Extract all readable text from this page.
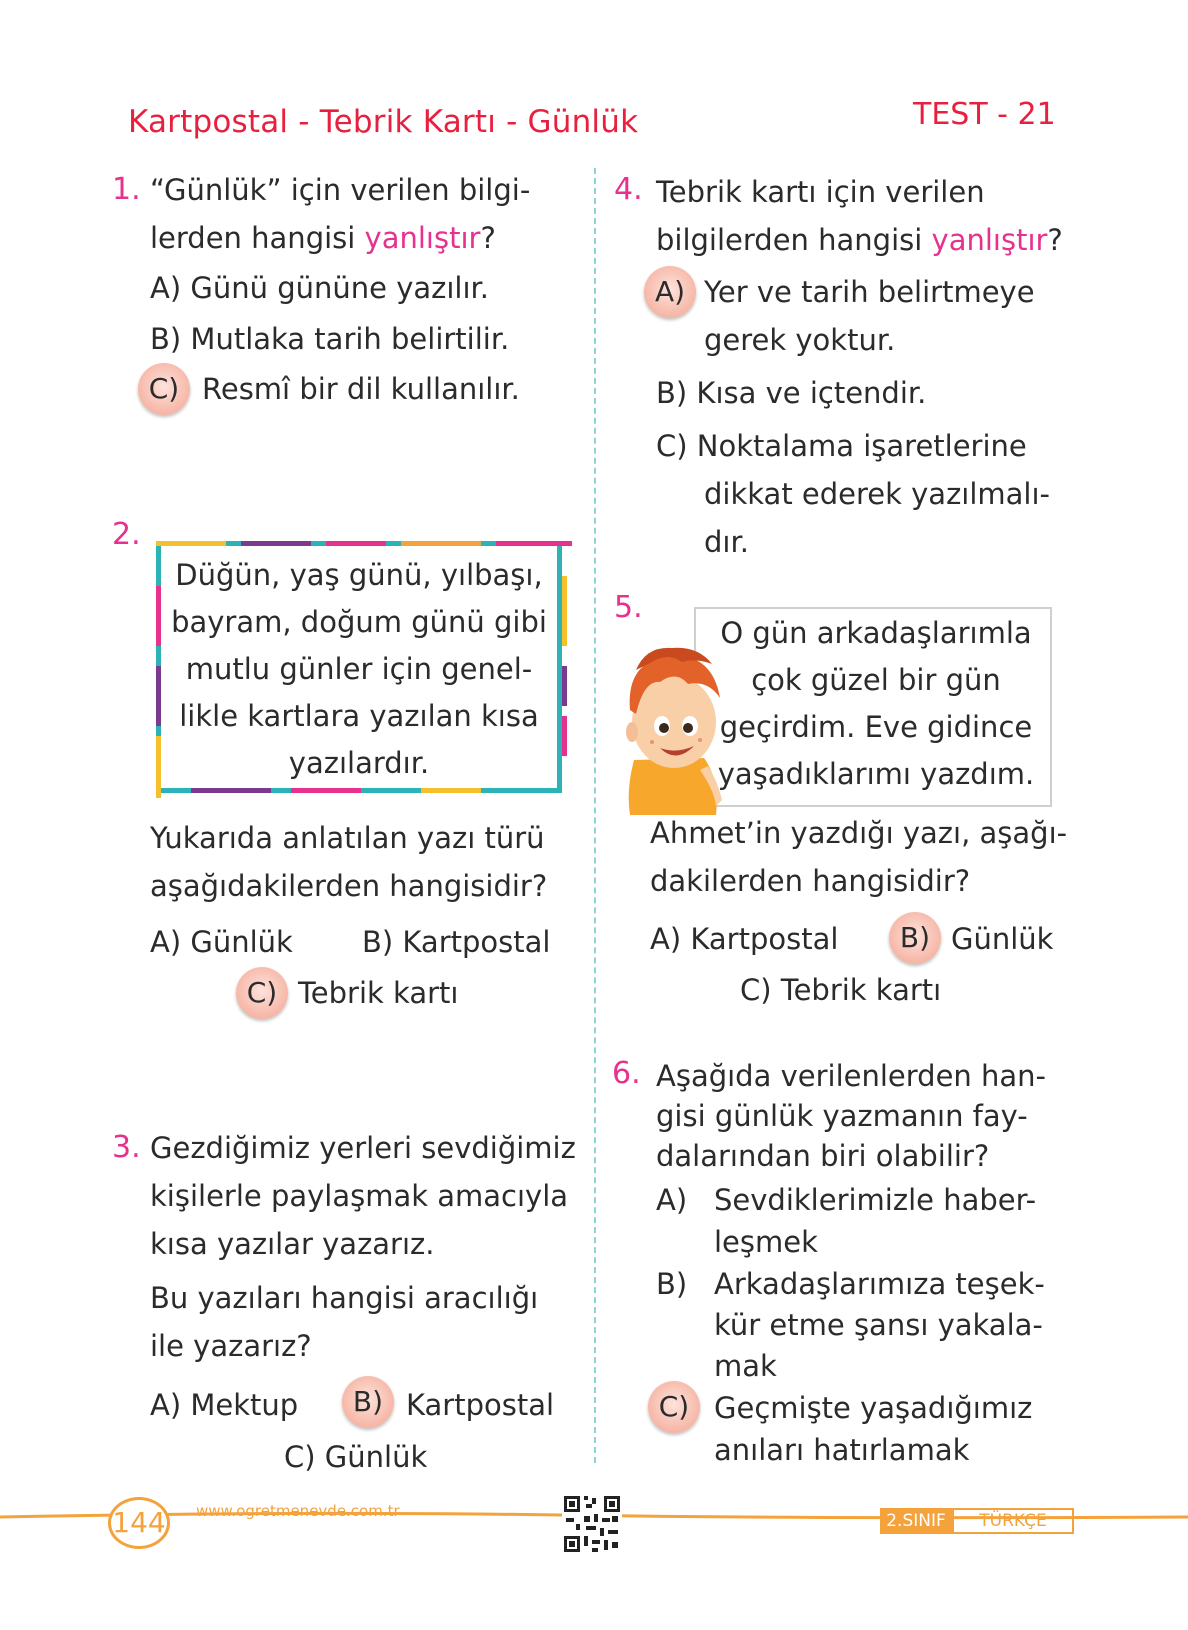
Kartpostal - Tebrik Kartı - Günlük	TEST - 21
1. “Günlük” için verilen bilgi-
lerden hangisi yanlıştır?
A) Günü gününe yazılır.
B) Mutlaka tarih belirtilir.
C) Resmî bir dil kullanılır.
2.
Düğün, yaş günü, yılbaşı,
bayram, doğum günü gibi
mutlu günler için genel-
likle kartlara yazılan kısa
yazılardır.
Yukarıda anlatılan yazı türü
aşağıdakilerden hangisidir?
A) Günlük B) Kartpostal
C) Tebrik kartı
3. Gezdiğimiz yerleri sevdiğimiz
kişilerle paylaşmak amacıyla
kısa yazılar yazarız.
Bu yazıları hangisi aracılığı
ile yazarız?
A) Mektup	B) Kartpostal
C) Günlük
4. Tebrik kartı için verilen
bilgilerden hangisi yanlıştır?
A) Yer ve tarih belirtmeye
gerek yoktur.
B) Kısa ve içtendir.
C) Noktalama işaretlerine
dikkat ederek yazılmalı-
dır.
5.
O gün arkadaşlarımla
çok güzel bir gün
geçirdim. Eve gidince
yaşadıklarımı yazdım.
Ahmet’in yazdığı yazı, aşağı-
dakilerden hangisidir?
A) Kartpostal	B) Günlük
C) Tebrik kartı
6. Aşağıda verilenlerden han-
gisi günlük yazmanın fay-
dalarından biri olabilir?
A) Sevdiklerimizle haber-
leşmek
B) Arkadaşlarımıza teşek-
kür etme şansı yakala-
mak
C) Geçmişte yaşadığımız
anıları hatırlamak
144 www.ogretmenevde.com.tr	2.SINIF	TÜRKÇE
